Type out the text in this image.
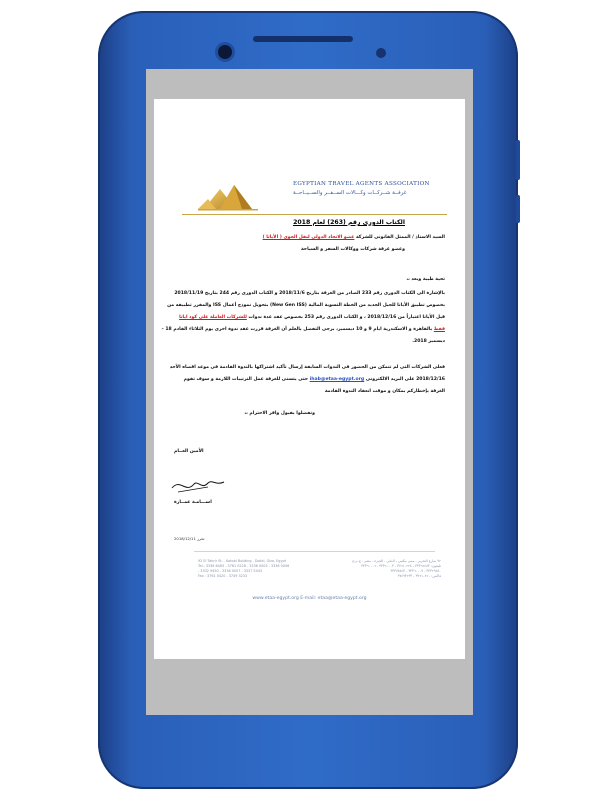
EGYPTIAN TRAVEL AGENTS ASSOCIATION
غرفــة شــركــات وكـــالات الســفــر والســيــاحــة
الكتاب الدورى رقم (263) لعام 2018
السيد الاستاذ / الممثل القانونى للشركة عضو الاتحاد الدولى لنقل الجوى ( الأياتا )
وعضو غرفة شركات ووكالات السفر و السياحة
تحية طيبة وبعد ،،
بالإشارة الى الكتاب الدورى رقم 233 الصادر من الغرفة بتاريخ 2018/11/6 و الكتاب الدورى رقم 244 بتاريخ 2018/11/19
بخصوص تطبيق الأياتا للجيل الجديد من الخطة التسوية المالية (New Gen ISS) بتحويل نموذج أعمال ISS والمقرر تطبيقه من
قبل الأياتا اعتباراً من 2018/12/16 ، و الكتاب الدورى رقم 253 بخصوص عقد عدة ندوات للشركات العاملة على كود اياتا
فقط بالقاهرة و الاسكندرية ايام 9 و 10 ديسمبر، برجى التفضل بالعلم أن الغرفة قررت عقد ندوة اخرى يوم الثلاثاء القادم 18 –
ديسمبر 2018.
فعلى الشركات التى لم تتمكن من الحضور فى الندوات السابقة إرسال تأكيد اشتراكها بالندوة القادمة فى موعد اقصاه الأحد
2018/12/16 على البريد الالكترونى ihab@etaa-egypt.org حتى يتسنى للغرفة عمل الترتيبات اللازمة و سوف تقوم
الغرفة بإخطاركم بمكان و موقت انعقاد الندوة القادمة
وتفضلوا بقبول وافر الاحترام ،،
الأمين العــام
اســـامـة عمــارة
2018/12/11 تحرر
92 El Tahrir St. - Kotobi Building - Dokki, Giza, Egypt
Tel.: 3336 6483 - 3761 0228 - 3336 0003 - 3336 0006
- 3332 9450 - 3336 0007 - 3337 5443
Fax : 3761 0420 - 3749 3233
٩٢ شارع التحرير - مبنى مكتبي - الدقي - الجيزة - مصر - ج.م.ع
تليفون: ٣٣٣٦٦٤٨٣ - ٣٧٦١٠٢٢٨ - ٣٣٣٦٠٠٠٣ - ٣٣٣٦٠٠٠٦
٣٣٣٢٩٤٥٠ - ٣٣٣٦٠٠٠٧ - ٣٣٣٧٥٤٤٣
فاكس: ٣٧٦١٠٤٢٠ - ٣٧٤٩٣٢٣٣
www.etaa-egypt.org E-mail: etaa@etaa-egypt.org
